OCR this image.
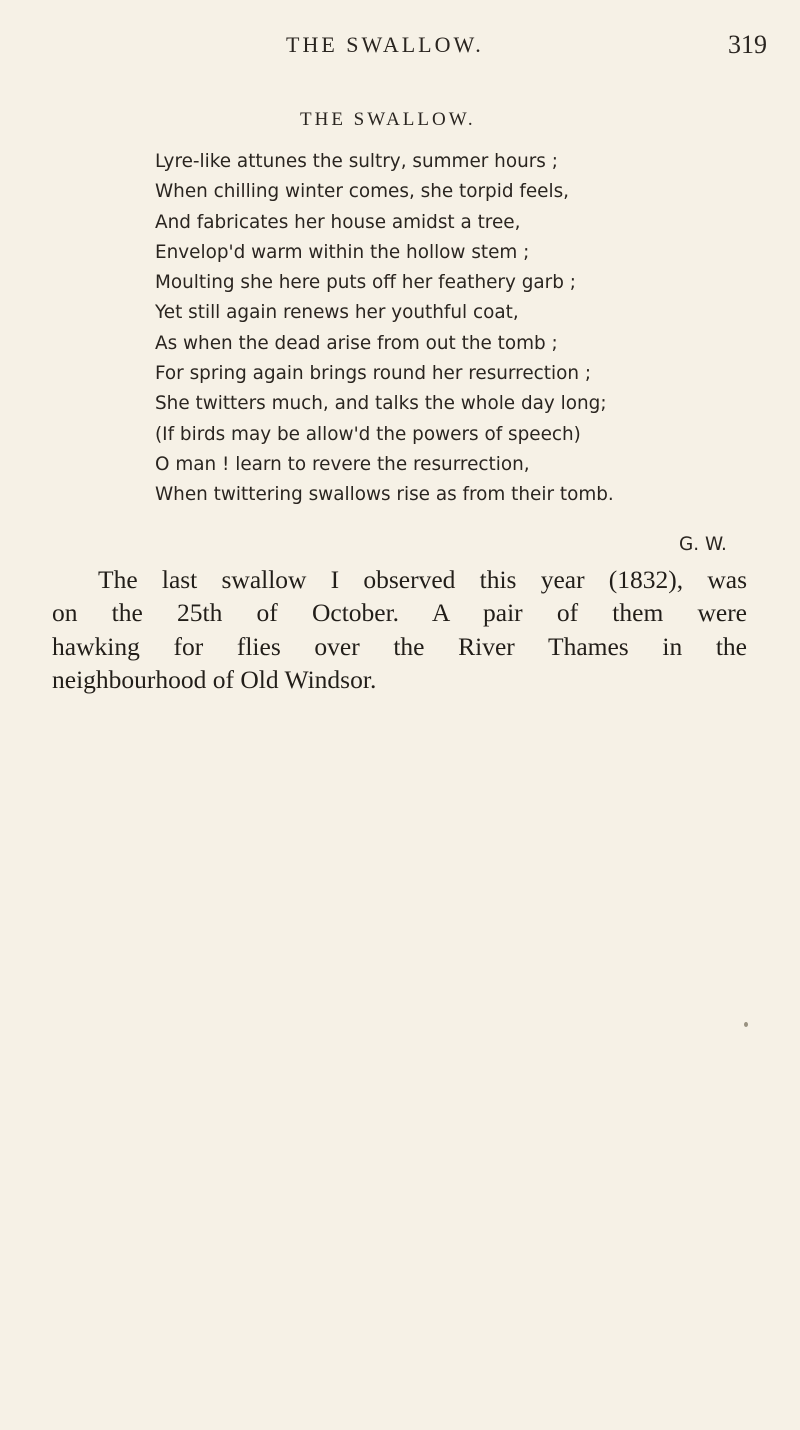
THE SWALLOW.	319
THE SWALLOW.
Lyre-like attunes the sultry, summer hours ;
When chilling winter comes, she torpid feels,
And fabricates her house amidst a tree,
Envelop'd warm within the hollow stem ;
Moulting she here puts off her feathery garb ;
Yet still again renews her youthful coat,
As when the dead arise from out the tomb ;
For spring again brings round her resurrection ;
She twitters much, and talks the whole day long;
(If birds may be allow'd the powers of speech)
O man ! learn to revere the resurrection,
When twittering swallows rise as from their tomb.
G. W.
The last swallow I observed this year (1832), was
on the 25th of October. A pair of them were
hawking for flies over the River Thames in the
neighbourhood of Old Windsor.
